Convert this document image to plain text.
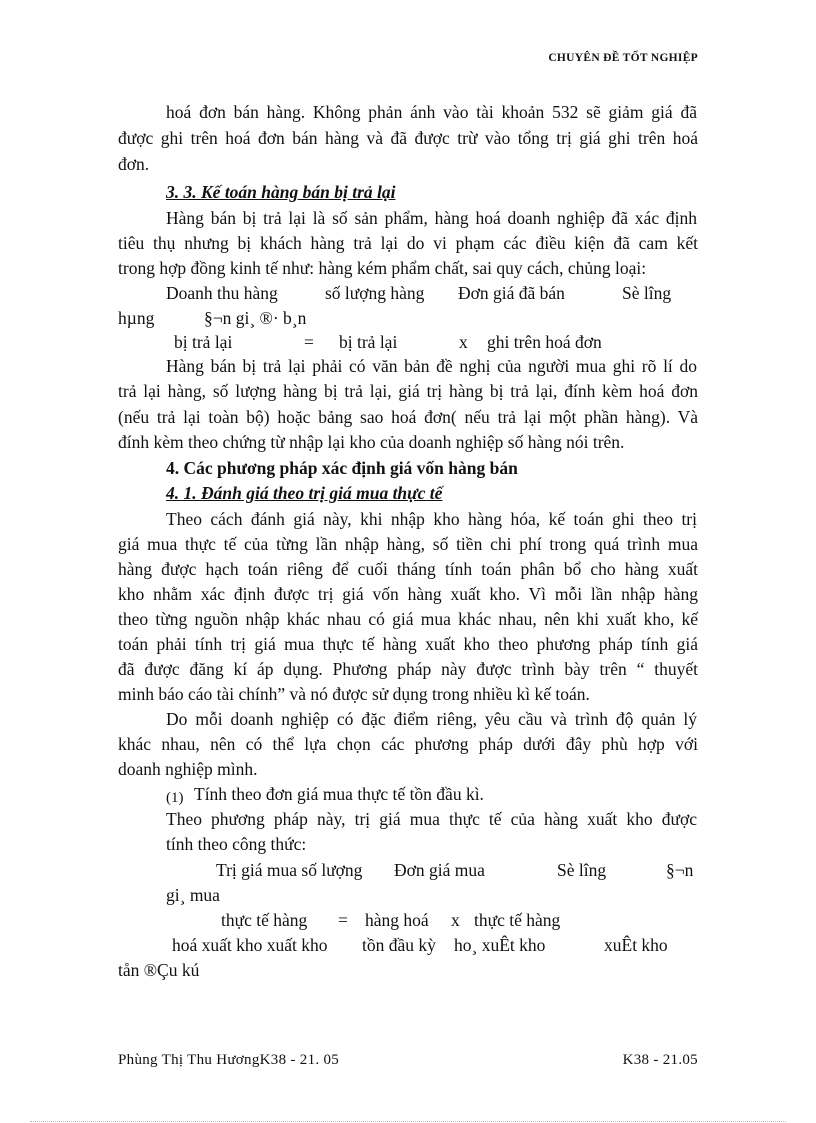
CHUYÊN ĐỀ TỐT NGHIỆP
hoá đơn bán hàng. Không phản ánh vào tài khoản 532 sẽ giảm giá đã
được ghi trên hoá đơn bán hàng và đã được trừ vào tổng trị giá ghi trên hoá
đơn.
3. 3. Kế toán hàng bán bị trả lại
Hàng bán bị trả lại là số sản phẩm, hàng hoá doanh nghiệp đã xác định
tiêu thụ nhưng bị khách hàng trả lại do vi phạm các điều kiện đã cam kết
trong hợp đồng kinh tế như: hàng kém phẩm chất, sai quy cách, chủng loại:
Doanh thu hàng	số lượng hàng Đơn giá đã bán	Sè lîng
hµng	§¬n gi¸ ®· b¸n
bị trả lại	= bị trả lại	x ghi trên hoá đơn
Hàng bán bị trả lại phải có văn bản đề nghị của người mua ghi rõ lí do
trả lại hàng, số lượng hàng bị trả lại, giá trị hàng bị trả lại, đính kèm hoá đơn
(nếu trả lại toàn bộ) hoặc bảng sao hoá đơn( nếu trả lại một phần hàng). Và
đính kèm theo chứng từ nhập lại kho của doanh nghiệp số hàng nói trên.
4. Các phương pháp xác định giá vốn hàng bán
4. 1. Đánh giá theo trị giá mua thực tế
Theo cách đánh giá này, khi nhập kho hàng hóa, kế toán ghi theo trị
giá mua thực tế của từng lần nhập hàng, số tiền chi phí trong quá trình mua
hàng được hạch toán riêng để cuối tháng tính toán phân bổ cho hàng xuất
kho nhằm xác định được trị giá vốn hàng xuất kho. Vì mỗi lần nhập hàng
theo từng nguồn nhập khác nhau có giá mua khác nhau, nên khi xuất kho, kế
toán phải tính trị giá mua thực tế hàng xuất kho theo phương pháp tính giá
đã được đăng kí áp dụng. Phương pháp này được trình bày trên “ thuyết
minh báo cáo tài chính” và nó được sử dụng trong nhiều kì kế toán.
Do mỗi doanh nghiệp có đặc điểm riêng, yêu cầu và trình độ quản lý
khác nhau, nên có thể lựa chọn các phương pháp dưới đây phù hợp với
doanh nghiệp mình.
(1) Tính theo đơn giá mua thực tế tồn đầu kì.
Theo phương pháp này, trị giá mua thực tế của hàng xuất kho được
tính theo công thức:
Trị giá mua số lượng Đơn giá mua	Sè lîng	§¬n
gi¸ mua
thực tế hàng = hàng hoá x thực tế hàng
hoá xuất kho xuất kho tồn đầu kỳ ho¸ xuÊt kho	xuÊt kho
tån ®Çu kú
Phùng Thị Thu HươngK38 - 21. 05	K38 - 21.05
